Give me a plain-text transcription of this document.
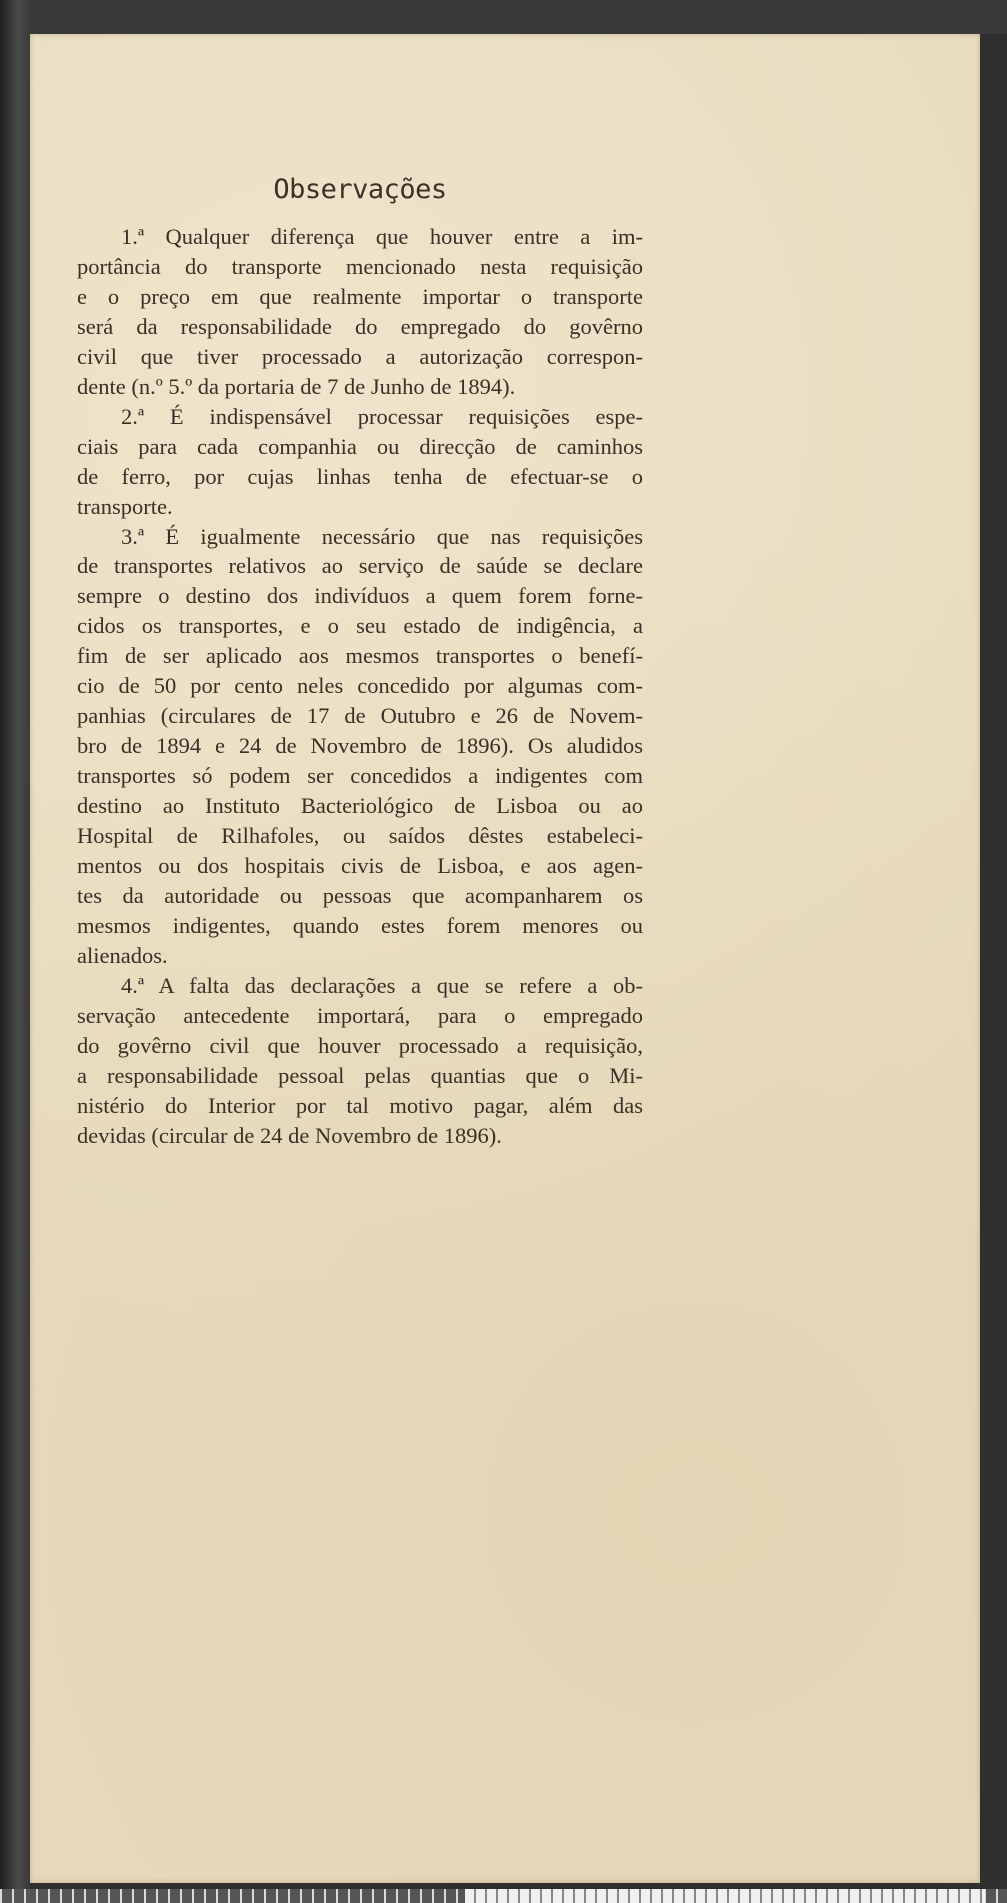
Observações
1.ª Qualquer diferença que houver entre a im-
portância do transporte mencionado nesta requisição
e o preço em que realmente importar o transporte
será da responsabilidade do empregado do govêrno
civil que tiver processado a autorização correspon-
dente (n.º 5.º da portaria de 7 de Junho de 1894).
2.ª É indispensável processar requisições espe-
ciais para cada companhia ou direcção de caminhos
de ferro, por cujas linhas tenha de efectuar-se o
transporte.
3.ª É igualmente necessário que nas requisições
de transportes relativos ao serviço de saúde se declare
sempre o destino dos indivíduos a quem forem forne-
cidos os transportes, e o seu estado de indigência, a
fim de ser aplicado aos mesmos transportes o benefí-
cio de 50 por cento neles concedido por algumas com-
panhias (circulares de 17 de Outubro e 26 de Novem-
bro de 1894 e 24 de Novembro de 1896). Os aludidos
transportes só podem ser concedidos a indigentes com
destino ao Instituto Bacteriológico de Lisboa ou ao
Hospital de Rilhafoles, ou saídos dêstes estabeleci-
mentos ou dos hospitais civis de Lisboa, e aos agen-
tes da autoridade ou pessoas que acompanharem os
mesmos indigentes, quando estes forem menores ou
alienados.
4.ª A falta das declarações a que se refere a ob-
servação antecedente importará, para o empregado
do govêrno civil que houver processado a requisição,
a responsabilidade pessoal pelas quantias que o Mi-
nistério do Interior por tal motivo pagar, além das
devidas (circular de 24 de Novembro de 1896).
